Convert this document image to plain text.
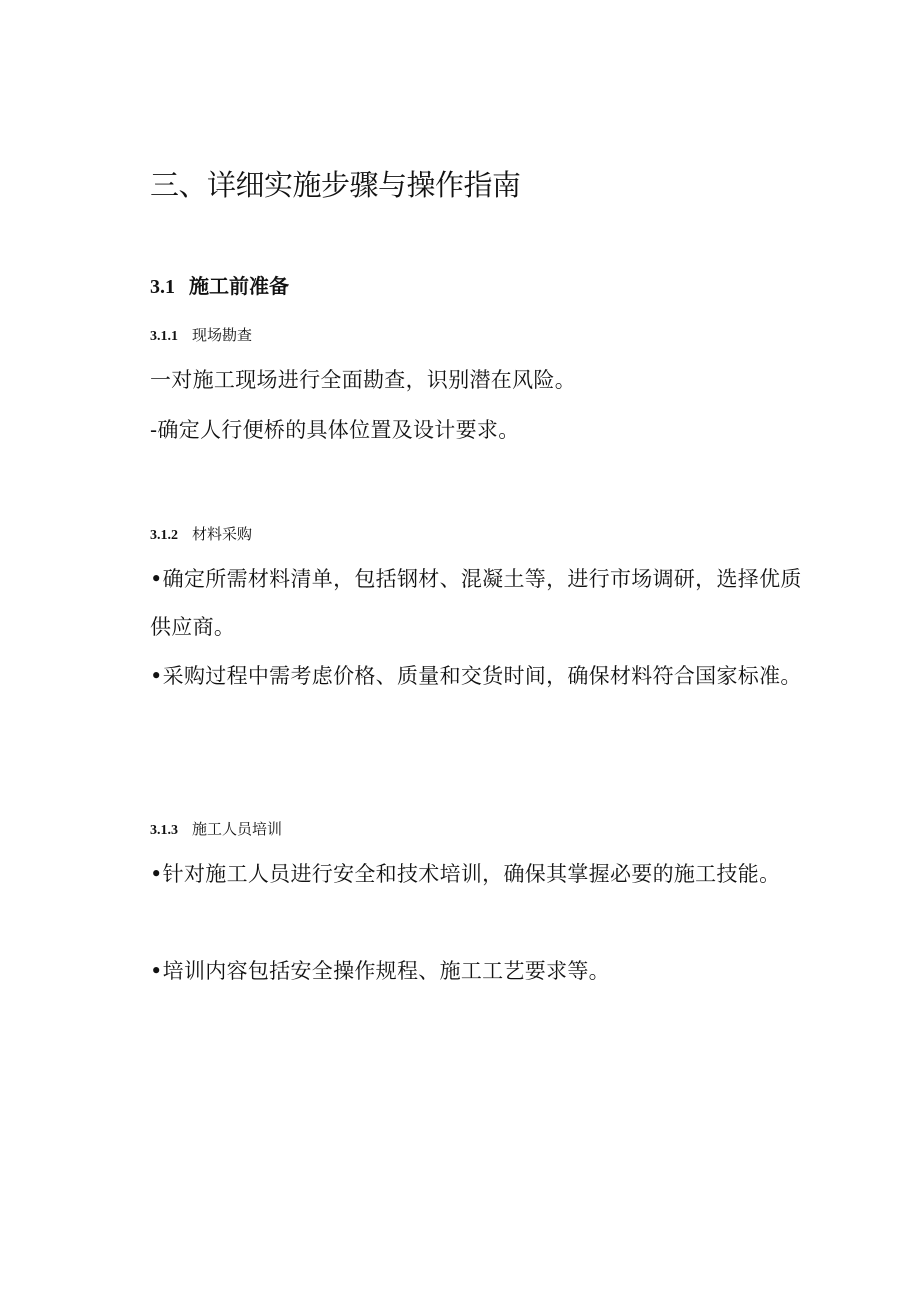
三、详细实施步骤与操作指南
3.1 施工前准备
3.1.1 现场勘查

一对施工现场进行全面勘查，识别潜在风险。

-确定人行便桥的具体位置及设计要求。

3.1.2 材料采购

•确定所需材料清单，包括钢材、混凝土等，进行市场调研，选择优质供应商。

•采购过程中需考虑价格、质量和交货时间，确保材料符合国家标准。

3.1.3 施工人员培训

•针对施工人员进行安全和技术培训，确保其掌握必要的施工技能。

•培训内容包括安全操作规程、施工工艺要求等。
